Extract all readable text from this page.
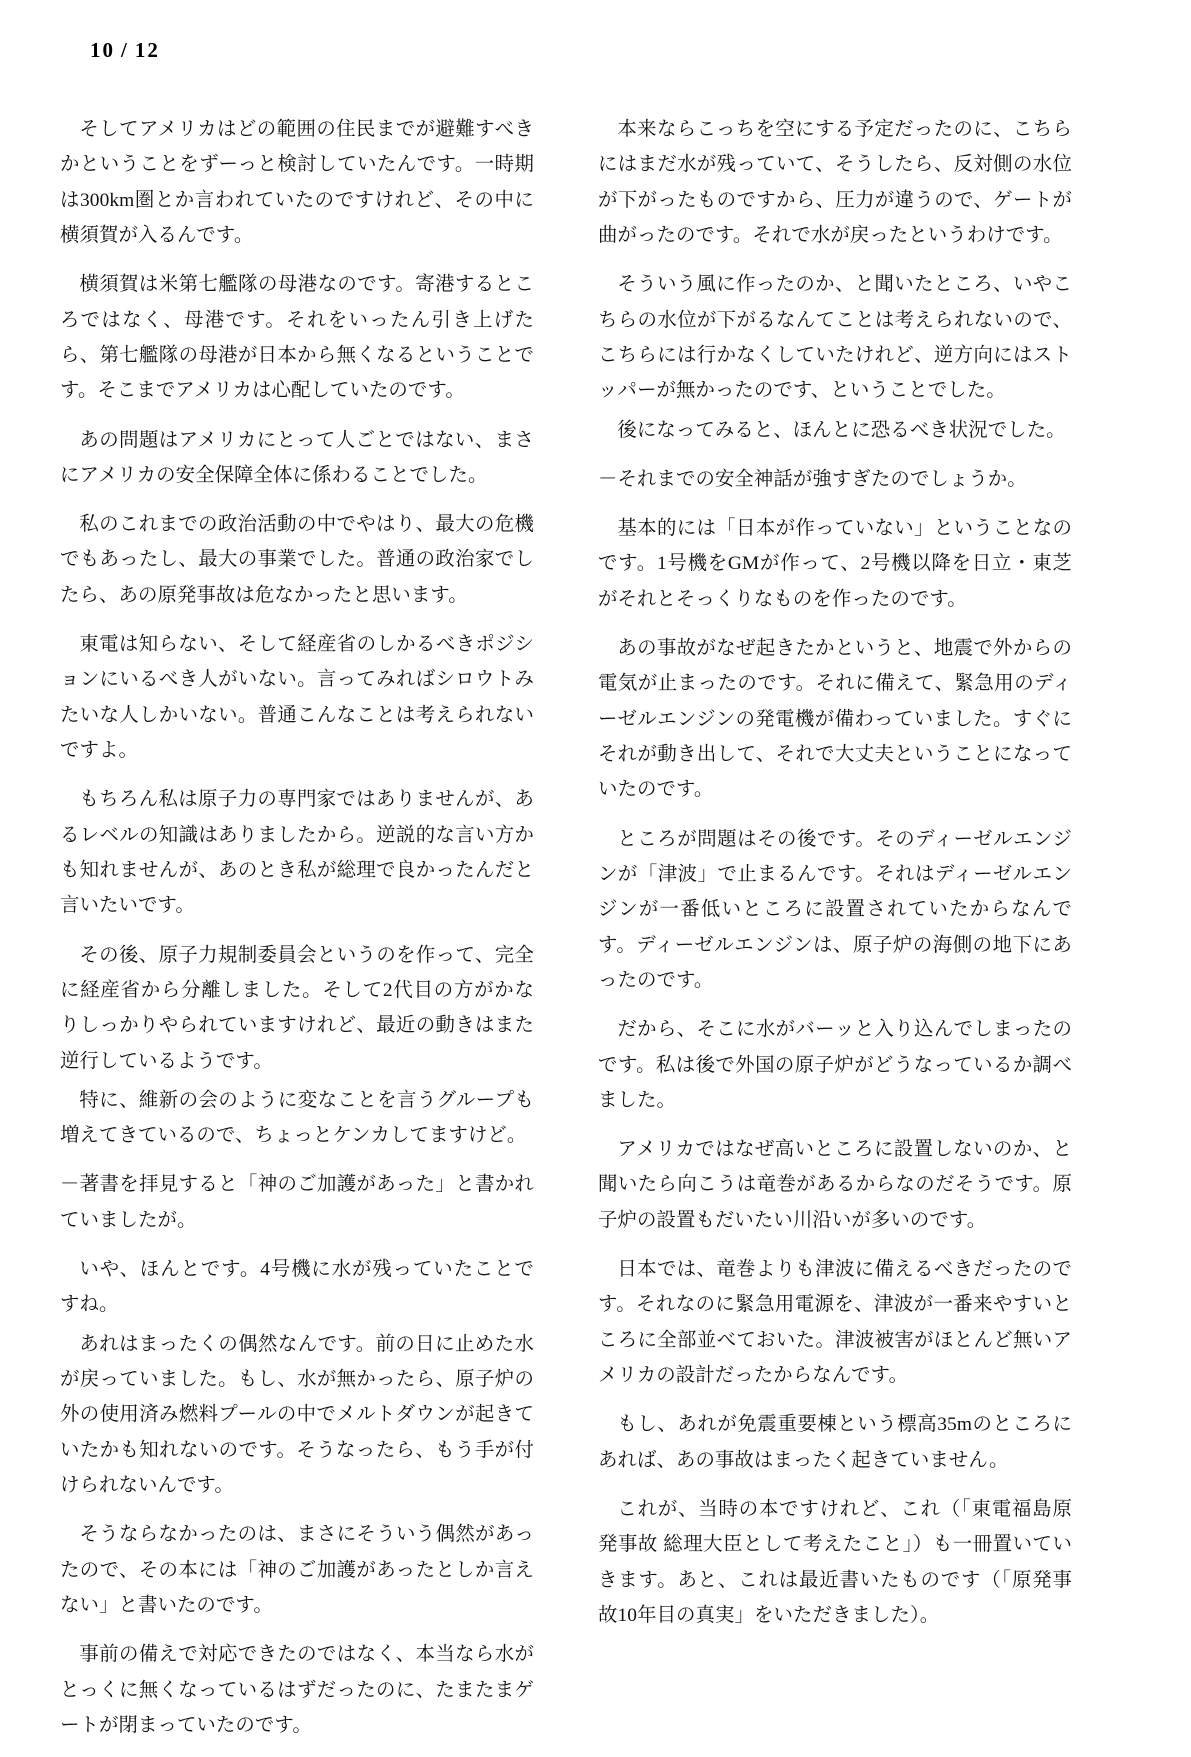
10 / 12

そしてアメリカはどの範囲の住民までが避難すべきかということをずーっと検討していたんです。一時期は300km圏とか言われていたのですけれど、その中に横須賀が入るんです。

横須賀は米第七艦隊の母港なのです。寄港するところではなく、母港です。それをいったん引き上げたら、第七艦隊の母港が日本から無くなるということです。そこまでアメリカは心配していたのです。

あの問題はアメリカにとって人ごとではない、まさにアメリカの安全保障全体に係わることでした。

私のこれまでの政治活動の中でやはり、最大の危機でもあったし、最大の事業でした。普通の政治家でしたら、あの原発事故は危なかったと思います。

東電は知らない、そして経産省のしかるべきポジションにいるべき人がいない。言ってみればシロウトみたいな人しかいない。普通こんなことは考えられないですよ。

もちろん私は原子力の専門家ではありませんが、あるレベルの知識はありましたから。逆説的な言い方かも知れませんが、あのとき私が総理で良かったんだと言いたいです。

その後、原子力規制委員会というのを作って、完全に経産省から分離しました。そして2代目の方がかなりしっかりやられていますけれど、最近の動きはまた逆行しているようです。

特に、維新の会のように変なことを言うグループも増えてきているので、ちょっとケンカしてますけど。

－著書を拝見すると「神のご加護があった」と書かれていましたが。

いや、ほんとです。4号機に水が残っていたことですね。

あれはまったくの偶然なんです。前の日に止めた水が戻っていました。もし、水が無かったら、原子炉の外の使用済み燃料プールの中でメルトダウンが起きていたかも知れないのです。そうなったら、もう手が付けられないんです。

そうならなかったのは、まさにそういう偶然があったので、その本には「神のご加護があったとしか言えない」と書いたのです。

事前の備えで対応できたのではなく、本当なら水がとっくに無くなっているはずだったのに、たまたまゲートが閉まっていたのです。

本来ならこっちを空にする予定だったのに、こちらにはまだ水が残っていて、そうしたら、反対側の水位が下がったものですから、圧力が違うので、ゲートが曲がったのです。それで水が戻ったというわけです。

そういう風に作ったのか、と聞いたところ、いやこちらの水位が下がるなんてことは考えられないので、こちらには行かなくしていたけれど、逆方向にはストッパーが無かったのです、ということでした。

後になってみると、ほんとに恐るべき状況でした。

－それまでの安全神話が強すぎたのでしょうか。

基本的には「日本が作っていない」ということなのです。1号機をGMが作って、2号機以降を日立・東芝がそれとそっくりなものを作ったのです。

あの事故がなぜ起きたかというと、地震で外からの電気が止まったのです。それに備えて、緊急用のディーゼルエンジンの発電機が備わっていました。すぐにそれが動き出して、それで大丈夫ということになっていたのです。

ところが問題はその後です。そのディーゼルエンジンが「津波」で止まるんです。それはディーゼルエンジンが一番低いところに設置されていたからなんです。ディーゼルエンジンは、原子炉の海側の地下にあったのです。

だから、そこに水がバーッと入り込んでしまったのです。私は後で外国の原子炉がどうなっているか調べました。

アメリカではなぜ高いところに設置しないのか、と聞いたら向こうは竜巻があるからなのだそうです。原子炉の設置もだいたい川沿いが多いのです。

日本では、竜巻よりも津波に備えるべきだったのです。それなのに緊急用電源を、津波が一番来やすいところに全部並べておいた。津波被害がほとんど無いアメリカの設計だったからなんです。

もし、あれが免震重要棟という標高35mのところにあれば、あの事故はまったく起きていません。

これが、当時の本ですけれど、これ（「東電福島原発事故 総理大臣として考えたこと」）も一冊置いていきます。あと、これは最近書いたものです（「原発事故10年目の真実」をいただきました）。
